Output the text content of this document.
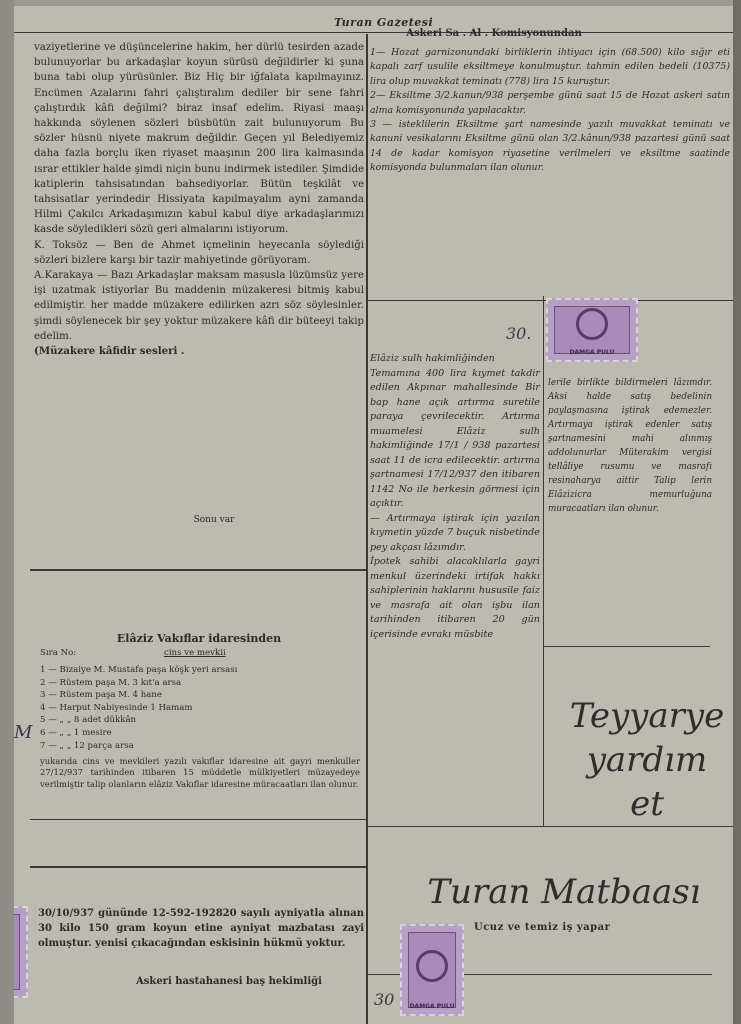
Turan Gazetesi

vaziyetlerine ve düşüncelerine hakim, her dürlü tesirden azade bulunuyorlar bu arkadaşlar koyun sürüsü değildirler ki şuna buna tabi olup yürüsünler. Biz Hiç bir iğfalata kapılmayınız. Encümen Azalarını fahri çalıştıralım dediler bir sene fahri çalıştırdık kâfi değilmi? biraz insaf edelim. Riyasi maaşı hakkında söylenen sözleri büsbütün zait bulunuyorum Bu sözler hüsnü niyete makrum değildir. Geçen yıl Belediyemiz daha fazla borçlu iken riyaset maaşının 200 lira kalmasında ısrar ettikler halde şimdi niçin bunu indirmek istediler. Şimdide katiplerin tahsisatından bahsediyorlar. Bütün teşkilât ve tahsisatlar yerindedir Hissiyata kapılmayalım ayni zamanda Hilmi Çakılcı Arkadaşımızın kabul kabul diye arkadaşlarımızı kasde söyledikleri sözü geri almalarını istiyorum.

K. Toksöz — Ben de Ahmet içmelinin heyecanla söylediği sözleri bizlere karşı bir tazir mahiyetinde görüyoram.

A.Karakaya — Bazı Arkadaşlar maksam masusla lüzümsüz yere işi uzatmak istiyorlar Bu maddenin müzakeresi bitmiş kabul edilmiştir. her madde müzakere edilirken azrı söz söylesinler. şimdi söylenecek bir şey yoktur müzakere kâfi dir büteeyi takip edelim.

(Müzakere kâfidir sesleri .

Sonu var
Elâziz Vakıflar idaresinden
Sıra No:	cins ve mevkii
1 — Bizaiye M. Mustafa paşa köşk yeri arsası
2 — Rüstem paşa M. 3 kıt'a arsa
3 — Rüstem paşa M. 4 hane
4 — Harput Nabiyesinde 1 Hamam
5 — „ „ 8 adet dükkân
6 — „ „ 1 mesire
7 — „ „ 12 parça arsa
yukarıda cins ve mevkileri yazılı vakıflar idaresine ait gayri menkuller 27/12/937 tarihinden itibaren 15 müddetle mülkiyetleri müzayedeye verilmiştir talip olanların elâziz Vakıflar idaresine müracaatları ilan olunur.
30/10/937 gününde 12-592-192820 sayılı ayniyatla alınan 30 kilo 150 gram koyun etine ayniyat mazbatası zayi olmuştur. yenisi çıkacağından eskisinin hükmü yoktur.
Askeri hastahanesi baş hekimliği
Askeri Sa . Al . Komisyonundan

1— Hozat garnizonundaki birliklerin ihtiyacı için (68.500) kilo sığır eti kapalı zarf usulile eksiltmeye konulmuştur. tahmin edilen bedeli (10375) lira olup muvakkat teminatı (778) lira 15 kuruştur.

2— Eksiltme 3/2.kanun/938 perşembe günü saat 15 de Hozat askeri satın alma komisyonunda yapılacaktır.

3 — isteklilerin Eksiltme şart namesinde yazılı muvakkat teminatı ve kanuni vesikalarını Eksiltme günü olan 3/2.kânun/938 pazartesi günü saat 14 de kadar komisyon riyasetine verilmeleri ve eksiltme saatinde komisyonda bulunmaları ilan olunur.

Elâziz sulh hakimliğinden

Temamına 400 lira kıymet takdir edilen Akpınar mahallesinde Bir bap hane açık artırma suretile paraya çevrilecektir. Artırma muamelesi Elâziz sulh hakimliğinde 17/1 / 938 pazartesi saat 11 de icra edilecektir. artırma şartnamesi 17/12/937 den itibaren 1142 No ile herkesin görmesi için açıktır.

— Artırmaya iştirak için yazılan kıymetin yüzde 7 buçuk nisbetinde pey akçası lâzımdır.

İpotek sahibi alacaklılarla gayri menkul üzerindeki irtifak hakkı sahiplerinin haklarını hususile faiz ve masrafa ait olan işbu ilan tarihinden itibaren 20 gün içerisinde evrakı müsbite

lerile birlikte bildirmeleri lâzımdır. Aksi halde satış bedelinin paylaşmasına iştirak edemezler. Artırmaya iştirak edenler satış şartnamesini mahi alınmış addolunurlar Müterakim vergisi tellâliye rusumu ve masrafı resinaharya aittir Talip lerin Elâzizicra memurluğuna muracaatları ilan olunur.
Teyyarye
yardım
et
Turan Matbaası
Ucuz ve temiz iş yapar
DAMGA PULU
DAMGA PULU
30.
30
M
